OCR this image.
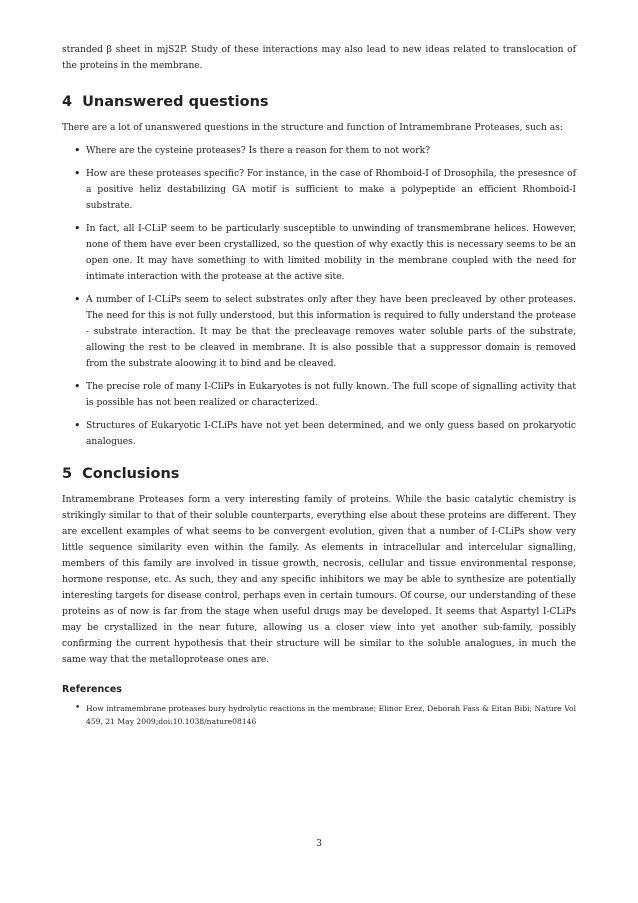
stranded β sheet in mjS2P. Study of these interactions may also lead to new ideas related to translocation of the proteins in the membrane.

4 Unanswered questions

There are a lot of unanswered questions in the structure and function of Intramembrane Proteases, such as:

• Where are the cysteine proteases? Is there a reason for them to not work?
• How are these proteases specific? For instance, in the case of Rhomboid-I of Drosophila, the presesnce of a positive heliz destabilizing GA motif is sufficient to make a polypeptide an efficient Rhomboid-I substrate.
• In fact, all I-CLiP seem to be particularly susceptible to unwinding of transmembrane helices. However, none of them have ever been crystallized, so the question of why exactly this is necessary seems to be an open one. It may have something to with limited mobility in the membrane coupled with the need for intimate interaction with the protease at the active site.
• A number of I-CLiPs seem to select substrates only after they have been precleaved by other proteases. The need for this is not fully understood, but this information is required to fully understand the protease - substrate interaction. It may be that the precleavage removes water soluble parts of the substrate, allowing the rest to be cleaved in membrane. It is also possible that a suppressor domain is removed from the substrate aloowing it to bind and be cleaved.
• The precise role of many I-CliPs in Eukaryotes is not fully known. The full scope of signalling activity that is possible has not been realized or characterized.
• Structures of Eukaryotic I-CLiPs have not yet been determined, and we only guess based on prokaryotic analogues.
5 Conclusions

Intramembrane Proteases form a very interesting family of proteins. While the basic catalytic chemistry is strikingly similar to that of their soluble counterparts, everything else about these proteins are different. They are excellent examples of what seems to be convergent evolution, given that a number of I-CLiPs show very little sequence similarity even within the family. As elements in intracellular and intercelular signalling, members of this family are involved in tissue growth, necrosis, cellular and tissue environmental response, hormone response, etc. As such, they and any specific inhibitors we may be able to synthesize are potentially interesting targets for disease control, perhaps even in certain tumours. Of course, our understanding of these proteins as of now is far from the stage when useful drugs may be developed. It seems that Aspartyl I-CLiPs may be crystallized in the near future, allowing us a closer view into yet another sub-family, possibly confirming the current hypothesis that their structure will be similar to the soluble analogues, in much the same way that the metalloprotease ones are.

References
• How intramembrane proteases bury hydrolytic reactions in the membrane; Elinor Erez, Deborah Fass & Eitan Bibi; Nature Vol 459, 21 May 2009;doi:10.1038/nature08146
3
